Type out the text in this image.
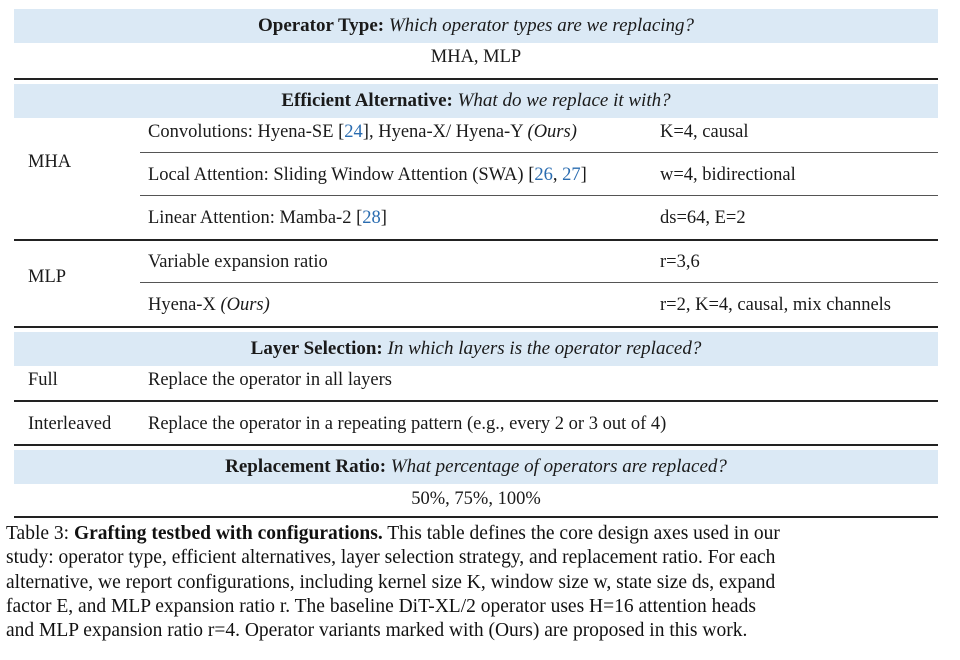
Operator Type: Which operator types are we replacing?
MHA, MLP
Efficient Alternative: What do we replace it with?
MHA
Convolutions: Hyena-SE [24], Hyena-X/ Hyena-Y (Ours)	K=4, causal
Local Attention: Sliding Window Attention (SWA) [26, 27]	w=4, bidirectional
Linear Attention: Mamba-2 [28]	ds=64, E=2
MLP
Variable expansion ratio	r=3,6
Hyena-X (Ours)	r=2, K=4, causal, mix channels
Layer Selection: In which layers is the operator replaced?
Full	Replace the operator in all layers
Interleaved Replace the operator in a repeating pattern (e.g., every 2 or 3 out of 4)
Replacement Ratio: What percentage of operators are replaced?
50%, 75%, 100%

Table 3: Grafting testbed with configurations. This table defines the core design axes used in our

study: operator type, efficient alternatives, layer selection strategy, and replacement ratio. For each

alternative, we report configurations, including kernel size K, window size w, state size ds, expand

factor E, and MLP expansion ratio r. The baseline DiT-XL/2 operator uses H=16 attention heads

and MLP expansion ratio r=4. Operator variants marked with (Ours) are proposed in this work.
